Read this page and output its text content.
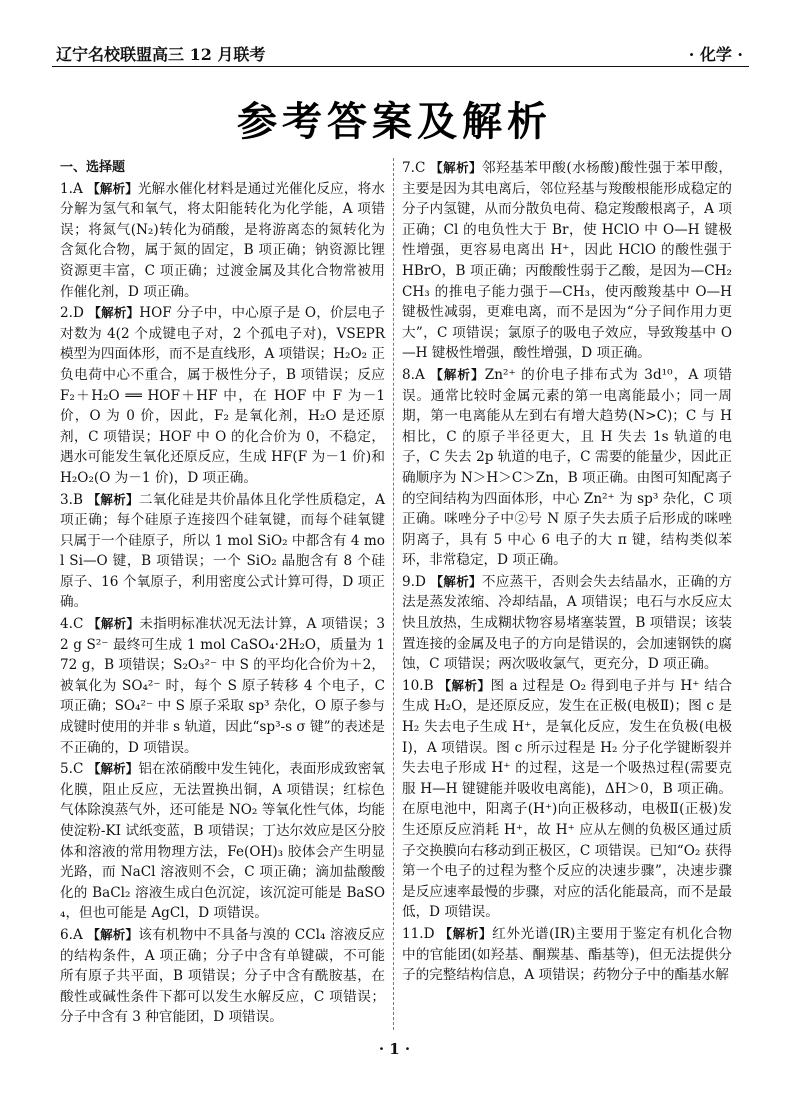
辽宁名校联盟高三 12 月联考	· 化学 ·
参考答案及解析
一、选择题
1.A 【解析】光解水催化材料是通过光催化反应，将水分解为氢气和氧气，将太阳能转化为化学能，A 项错误；将氮气(N₂)转化为硝酸，是将游离态的氮转化为含氮化合物，属于氮的固定，B 项正确；钠资源比锂资源更丰富，C 项正确；过渡金属及其化合物常被用作催化剂，D 项正确。
2.D 【解析】HOF 分子中，中心原子是 O，价层电子对数为 4(2 个成键电子对，2 个孤电子对)，VSEPR 模型为四面体形，而不是直线形，A 项错误；H₂O₂ 正负电荷中心不重合，属于极性分子，B 项错误；反应 F₂＋H₂O ══ HOF＋HF 中，在 HOF 中 F 为－1 价，O 为 0 价，因此，F₂ 是氧化剂，H₂O 是还原剂，C 项错误；HOF 中 O 的化合价为 0，不稳定，遇水可能发生氧化还原反应，生成 HF(F 为－1 价)和 H₂O₂(O 为－1 价)，D 项正确。
3.B 【解析】二氧化硅是共价晶体且化学性质稳定，A 项正确；每个硅原子连接四个硅氧键，而每个硅氧键只属于一个硅原子，所以 1 mol SiO₂ 中都含有 4 mol Si—O 键，B 项错误；一个 SiO₂ 晶胞含有 8 个硅原子、16 个氧原子，利用密度公式计算可得，D 项正确。
4.C 【解析】未指明标准状况无法计算，A 项错误；32 g S²⁻ 最终可生成 1 mol CaSO₄·2H₂O，质量为 172 g，B 项错误；S₂O₃²⁻ 中 S 的平均化合价为＋2，被氧化为 SO₄²⁻ 时，每个 S 原子转移 4 个电子，C 项正确；SO₄²⁻ 中 S 原子采取 sp³ 杂化，O 原子参与成键时使用的并非 s 轨道，因此“sp³-s σ 键”的表述是不正确的，D 项错误。
5.C 【解析】铝在浓硝酸中发生钝化，表面形成致密氧化膜，阻止反应，无法置换出铜，A 项错误；红棕色气体除溴蒸气外，还可能是 NO₂ 等氧化性气体，均能使淀粉-KI 试纸变蓝，B 项错误；丁达尔效应是区分胶体和溶液的常用物理方法，Fe(OH)₃ 胶体会产生明显光路，而 NaCl 溶液则不会，C 项正确；滴加盐酸酸化的 BaCl₂ 溶液生成白色沉淀，该沉淀可能是 BaSO₄，但也可能是 AgCl，D 项错误。
6.A 【解析】该有机物中不具备与溴的 CCl₄ 溶液反应的结构条件，A 项正确；分子中含有单键碳，不可能所有原子共平面，B 项错误；分子中含有酰胺基，在酸性或碱性条件下都可以发生水解反应，C 项错误；分子中含有 3 种官能团，D 项错误。
7.C 【解析】邻羟基苯甲酸(水杨酸)酸性强于苯甲酸，主要是因为其电离后，邻位羟基与羧酸根能形成稳定的分子内氢键，从而分散负电荷、稳定羧酸根离子，A 项正确；Cl 的电负性大于 Br，使 HClO 中 O—H 键极性增强，更容易电离出 H⁺，因此 HClO 的酸性强于 HBrO，B 项正确；丙酸酸性弱于乙酸，是因为—CH₂CH₃ 的推电子能力强于—CH₃，使丙酸羧基中 O—H 键极性减弱，更难电离，而不是因为“分子间作用力更大”，C 项错误；氯原子的吸电子效应，导致羧基中 O—H 键极性增强，酸性增强，D 项正确。
8.A 【解析】Zn²⁺ 的价电子排布式为 3d¹⁰，A 项错误。通常比较时金属元素的第一电离能最小；同一周期，第一电离能从左到右有增大趋势(N>C)；C 与 H 相比，C 的原子半径更大，且 H 失去 1s 轨道的电子，C 失去 2p 轨道的电子，C 需要的能量少，因此正确顺序为 N＞H＞C＞Zn，B 项正确。由图可知配离子的空间结构为四面体形，中心 Zn²⁺ 为 sp³ 杂化，C 项正确。咪唑分子中②号 N 原子失去质子后形成的咪唑阴离子，具有 5 中心 6 电子的大 π 键，结构类似苯环，非常稳定，D 项正确。
9.D 【解析】不应蒸干，否则会失去结晶水，正确的方法是蒸发浓缩、冷却结晶，A 项错误；电石与水反应太快且放热，生成糊状物容易堵塞装置，B 项错误；该装置连接的金属及电子的方向是错误的，会加速钢铁的腐蚀，C 项错误；两次吸收氯气，更充分，D 项正确。
10.B 【解析】图 a 过程是 O₂ 得到电子并与 H⁺ 结合生成 H₂O，是还原反应，发生在正极(电极Ⅱ)；图 c 是 H₂ 失去电子生成 H⁺，是氧化反应，发生在负极(电极Ⅰ)，A 项错误。图 c 所示过程是 H₂ 分子化学键断裂并失去电子形成 H⁺ 的过程，这是一个吸热过程(需要克服 H—H 键键能并吸收电离能)，ΔH＞0，B 项正确。在原电池中，阳离子(H⁺)向正极移动，电极Ⅱ(正极)发生还原反应消耗 H⁺，故 H⁺ 应从左侧的负极区通过质子交换膜向右移动到正极区，C 项错误。已知“O₂ 获得第一个电子的过程为整个反应的决速步骤”，决速步骤是反应速率最慢的步骤，对应的活化能最高，而不是最低，D 项错误。
11.D 【解析】红外光谱(IR)主要用于鉴定有机化合物中的官能团(如羟基、酮羰基、酯基等)，但无法提供分子的完整结构信息，A 项错误；药物分子中的酯基水解
· 1 ·
